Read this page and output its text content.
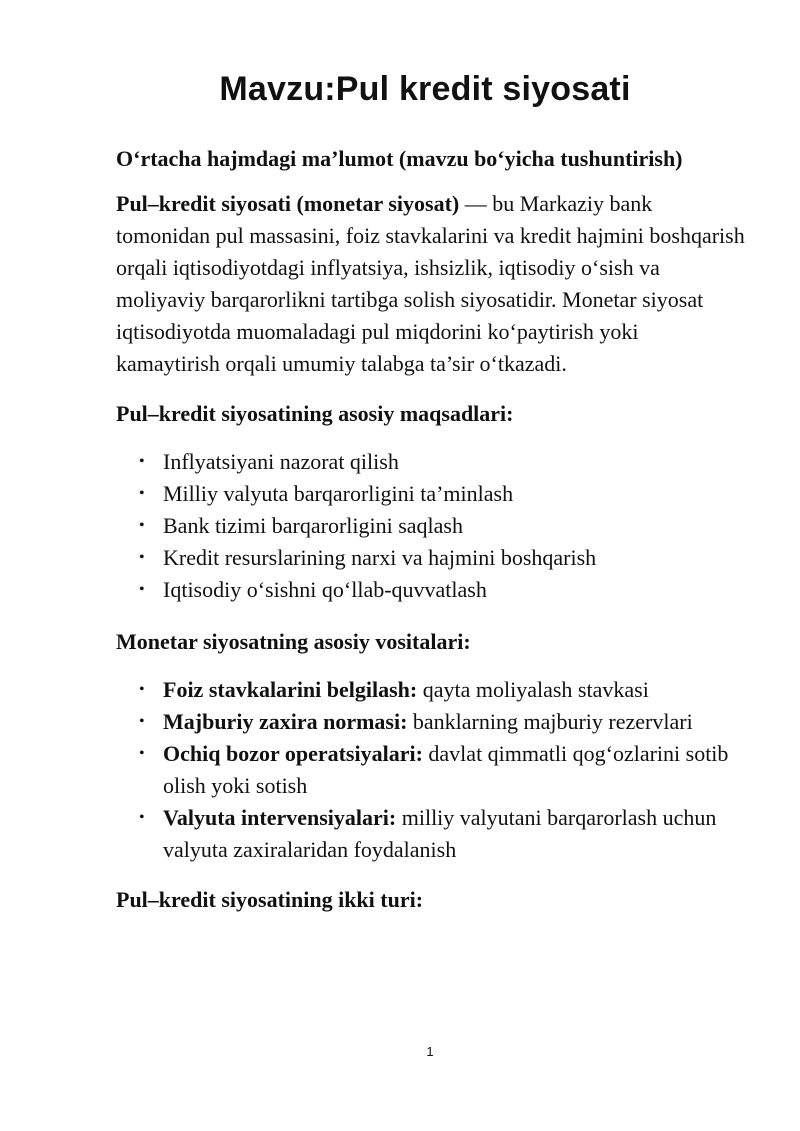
Mavzu:Pul kredit siyosati
O‘rtacha hajmdagi ma’lumot (mavzu bo‘yicha tushuntirish)

Pul–kredit siyosati (monetar siyosat) — bu Markaziy bank tomonidan pul massasini, foiz stavkalarini va kredit hajmini boshqarish orqali iqtisodiyotdagi inflyatsiya, ishsizlik, iqtisodiy o‘sish va moliyaviy barqarorlikni tartibga solish siyosatidir. Monetar siyosat iqtisodiyotda muomaladagi pul miqdorini ko‘paytirish yoki kamaytirish orqali umumiy talabga ta’sir o‘tkazadi.

Pul–kredit siyosatining asosiy maqsadlari:
• Inflyatsiyani nazorat qilish
• Milliy valyuta barqarorligini ta’minlash
• Bank tizimi barqarorligini saqlash
• Kredit resurslarining narxi va hajmini boshqarish
• Iqtisodiy o‘sishni qo‘llab-quvvatlash
Monetar siyosatning asosiy vositalari:
• Foiz stavkalarini belgilash: qayta moliyalash stavkasi
• Majburiy zaxira normasi: banklarning majburiy rezervlari
• Ochiq bozor operatsiyalari: davlat qimmatli qog‘ozlarini sotib olish yoki sotish
• Valyuta intervensiyalari: milliy valyutani barqarorlash uchun valyuta zaxiralaridan foydalanish
Pul–kredit siyosatining ikki turi:
1
